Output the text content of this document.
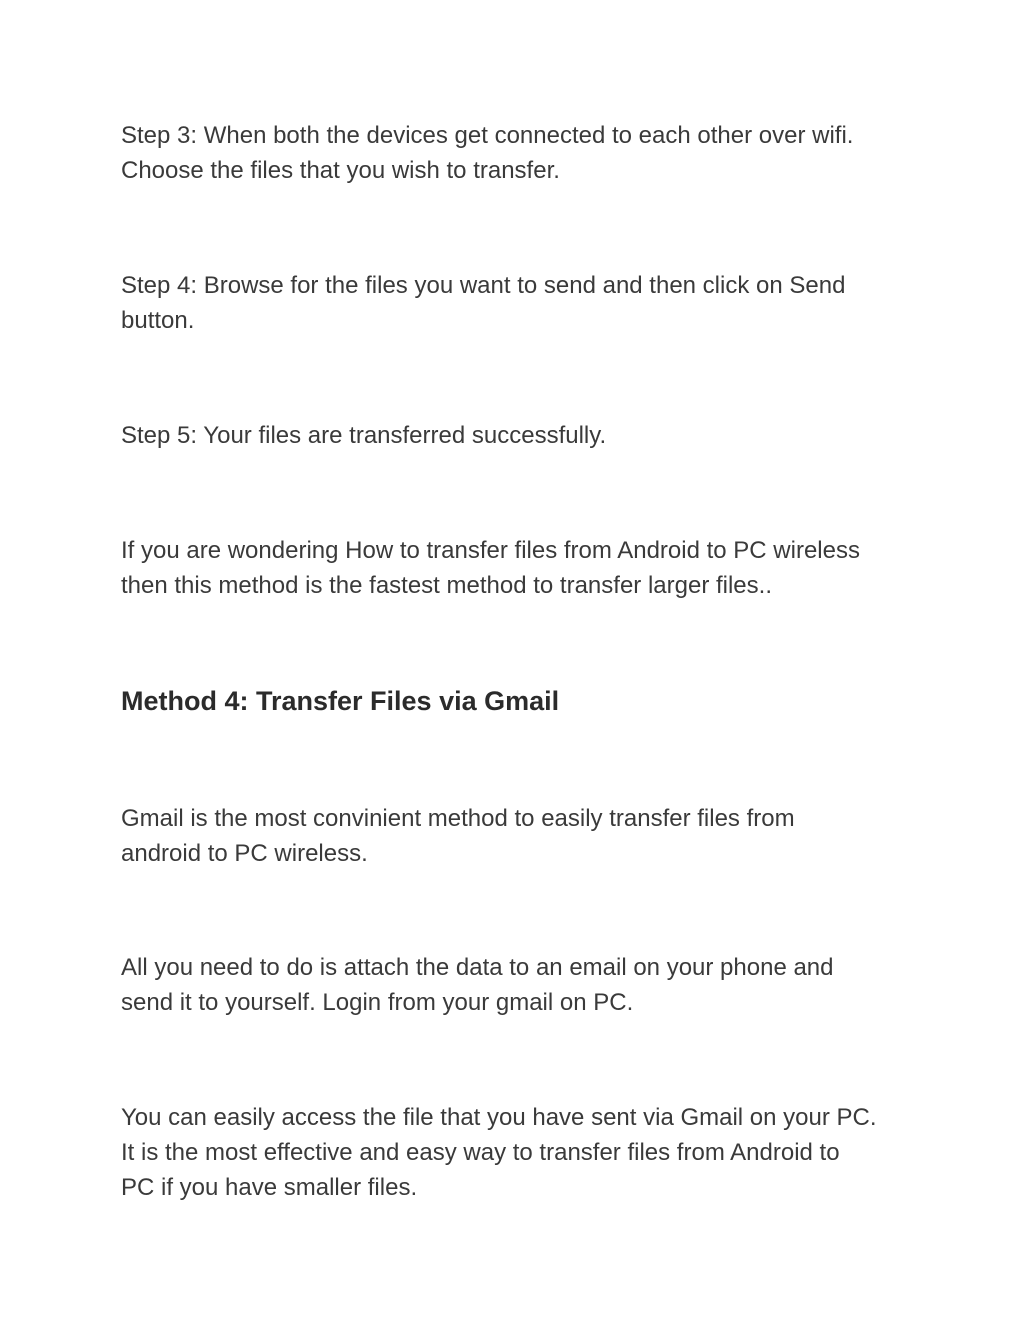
Step 3: When both the devices get connected to each other over wifi.
Choose the files that you wish to transfer.

Step 4: Browse for the files you want to send and then click on Send
button.

Step 5: Your files are transferred successfully.

If you are wondering How to transfer files from Android to PC wireless
then this method is the fastest method to transfer larger files..

Method 4: Transfer Files via Gmail

Gmail is the most convinient method to easily transfer files from
android to PC wireless.

All you need to do is attach the data to an email on your phone and
send it to yourself. Login from your gmail on PC.

You can easily access the file that you have sent via Gmail on your PC.
It is the most effective and easy way to transfer files from Android to
PC if you have smaller files.
